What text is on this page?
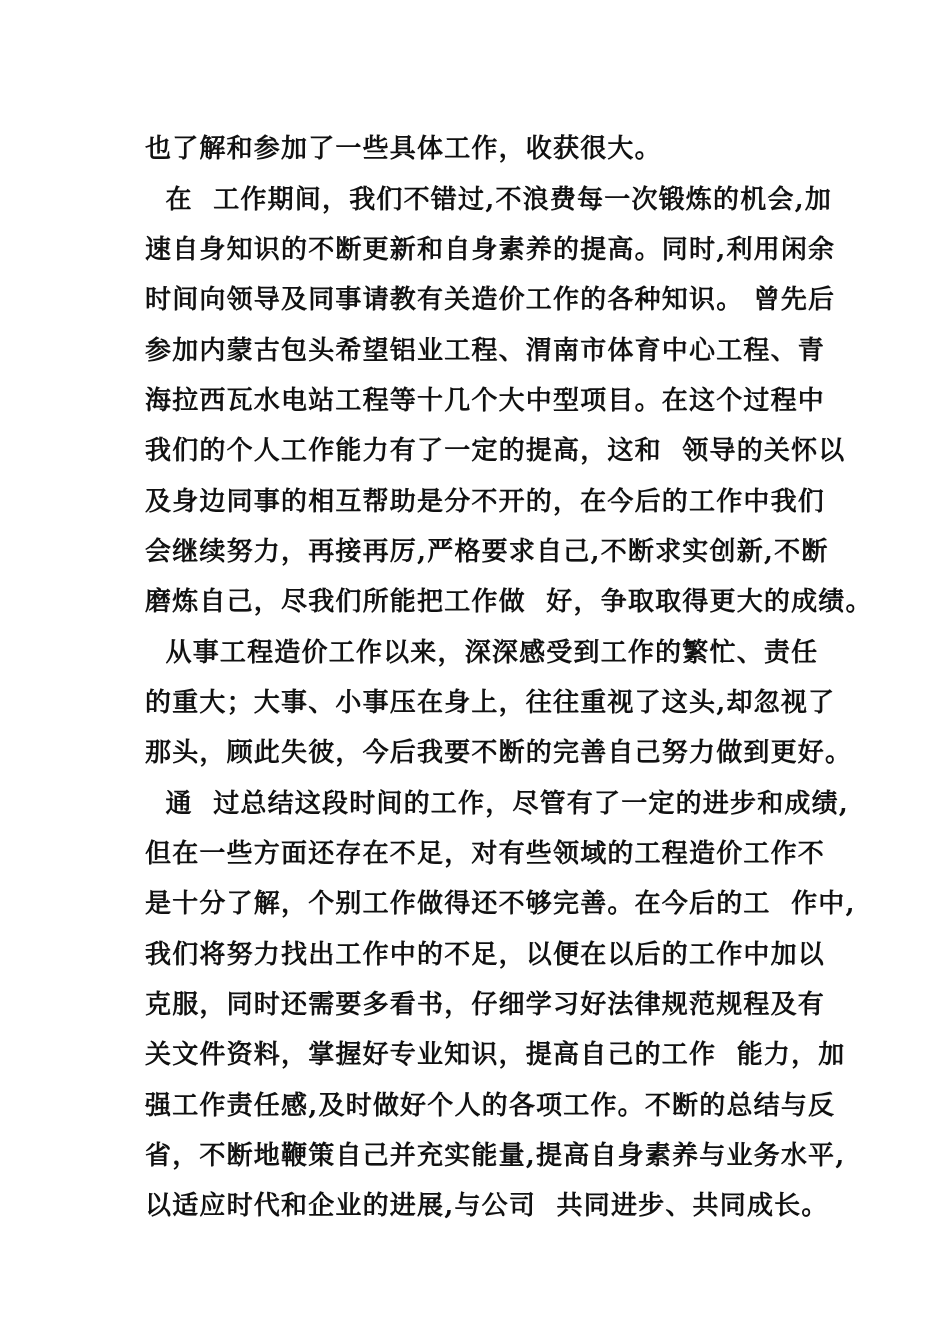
也了解和参加了一些具体工作，收获很大。

在  工作期间，我们不错过,不浪费每一次锻炼的机会,加

速自身知识的不断更新和自身素养的提高。同时,利用闲余

时间向领导及同事请教有关造价工作的各种知识。 曾先后

参加内蒙古包头希望铝业工程、渭南市体育中心工程、青

海拉西瓦水电站工程等十几个大中型项目。在这个过程中

我们的个人工作能力有了一定的提高，这和  领导的关怀以

及身边同事的相互帮助是分不开的，在今后的工作中我们

会继续努力，再接再厉,严格要求自己,不断求实创新,不断

磨炼自己，尽我们所能把工作做  好，争取取得更大的成绩。

从事工程造价工作以来，深深感受到工作的繁忙、责任

的重大；大事、小事压在身上，往往重视了这头,却忽视了

那头，顾此失彼，今后我要不断的完善自己努力做到更好。

通  过总结这段时间的工作，尽管有了一定的进步和成绩,

但在一些方面还存在不足，对有些领域的工程造价工作不

是十分了解，个别工作做得还不够完善。在今后的工  作中,

我们将努力找出工作中的不足，以便在以后的工作中加以

克服，同时还需要多看书，仔细学习好法律规范规程及有

关文件资料，掌握好专业知识，提高自己的工作  能力，加

强工作责任感,及时做好个人的各项工作。不断的总结与反

省，不断地鞭策自己并充实能量,提高自身素养与业务水平,

以适应时代和企业的进展,与公司  共同进步、共同成长。
